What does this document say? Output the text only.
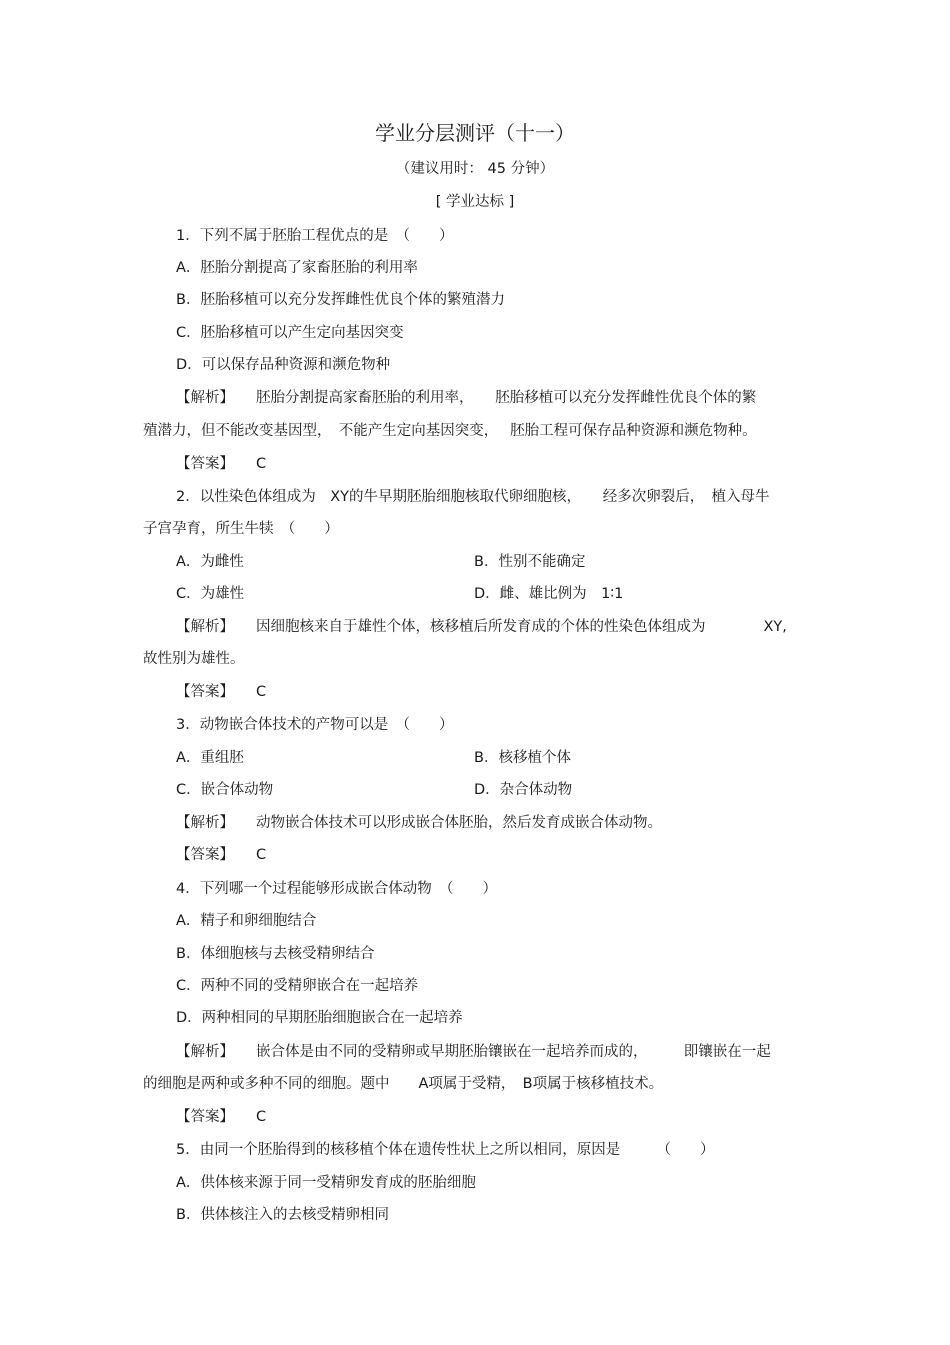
学业分层测评（十一）
（建议用时： 45 分钟）
[ 学业达标 ]
1．下列不属于胚胎工程优点的是　（　　）
A．胚胎分割提高了家畜胚胎的利用率
B．胚胎移植可以充分发挥雌性优良个体的繁殖潜力
C．胚胎移植可以产生定向基因突变
D．可以保存品种资源和濒危物种
【解析】 胚胎分割提高家畜胚胎的利用率，　　胚胎移植可以充分发挥雌性优良个体的繁
殖潜力，但不能改变基因型，　不能产生定向基因突变，　 胚胎工程可保存品种资源和濒危物种。
【答案】 C
2．以性染色体组成为　XY的牛早期胚胎细胞核取代卵细胞核，　　经多次卵裂后，　植入母牛
子宫孕育，所生牛犊　（　　）
A．为雌性	B．性别不能确定
C．为雄性	D．雌、雄比例为　1∶1
【解析】 因细胞核来自于雄性个体，核移植后所发育成的个体的性染色体组成为　　　　XY,
故性别为雄性。
【答案】 C
3．动物嵌合体技术的产物可以是　（　　）
A．重组胚	B．核移植个体
C．嵌合体动物	D．杂合体动物
【解析】 动物嵌合体技术可以形成嵌合体胚胎，然后发育成嵌合体动物。
【答案】 C
4．下列哪一个过程能够形成嵌合体动物　（　　）
A．精子和卵细胞结合
B．体细胞核与去核受精卵结合
C．两种不同的受精卵嵌合在一起培养
D．两种相同的早期胚胎细胞嵌合在一起培养
【解析】 嵌合体是由不同的受精卵或早期胚胎镶嵌在一起培养而成的，　　　即镶嵌在一起
的细胞是两种或多种不同的细胞。题中　　A项属于受精，　B项属于核移植技术。
【答案】 C
5．由同一个胚胎得到的核移植个体在遗传性状上之所以相同，原因是　　　（　　）
A．供体核来源于同一受精卵发育成的胚胎细胞
B．供体核注入的去核受精卵相同
